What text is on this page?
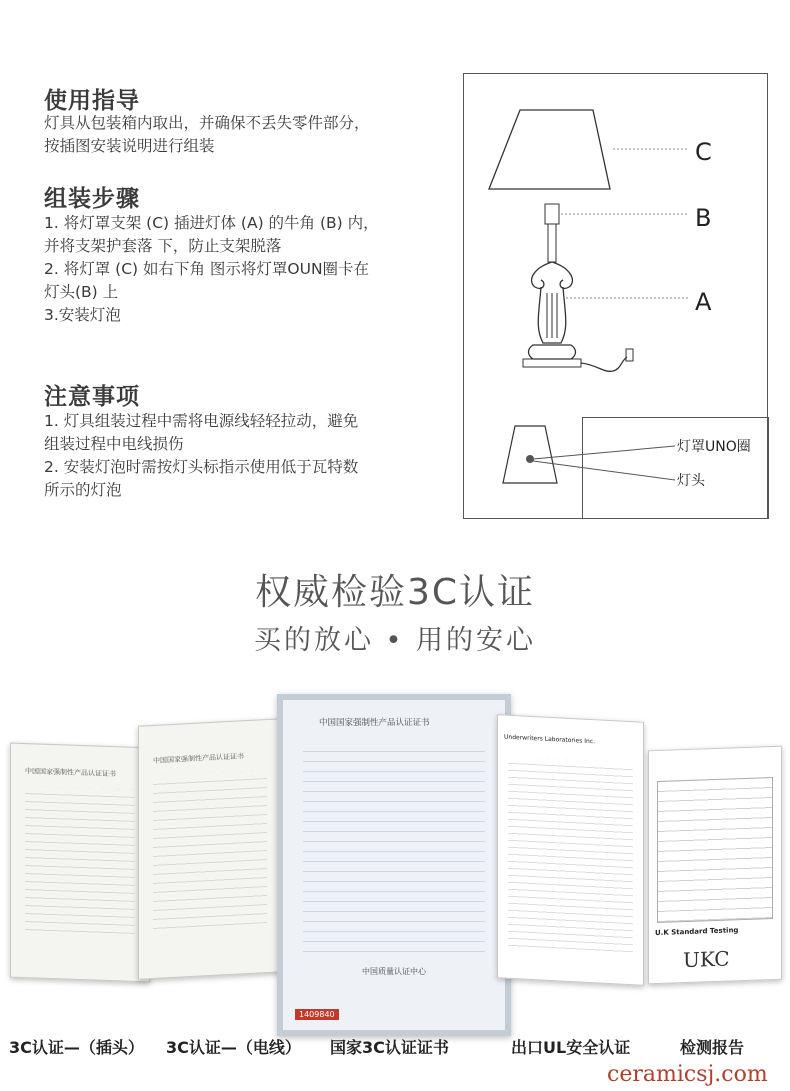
使用指导
灯具从包装箱内取出，并确保不丢失零件部分，
按插图安装说明进行组装
组装步骤
1. 将灯罩支架 (C) 插进灯体 (A) 的牛角 (B) 内，
并将支架护套落 下，防止支架脱落
2. 将灯罩 (C) 如右下角 图示将灯罩OUN圈卡在
灯头(B) 上
3.安装灯泡
注意事项
1. 灯具组装过程中需将电源线轻轻拉动，避免
组装过程中电线损伤
2. 安装灯泡时需按灯头标指示使用低于瓦特数
所示的灯泡
C
B
A
灯罩UNO圈
灯头
权威检验3C认证
买的放心 • 用的安心
中国国家强制性产品认证证书
中国国家强制性产品认证证书
中国国家强制性产品认证证书
中国质量认证中心
1409840
Underwriters Laboratories Inc.
U.K Standard Testing
UKC
3C认证—（插头） 3C认证—（电线） 国家3C认证证书	出口UL安全认证	检测报告
ceramicsj.com
